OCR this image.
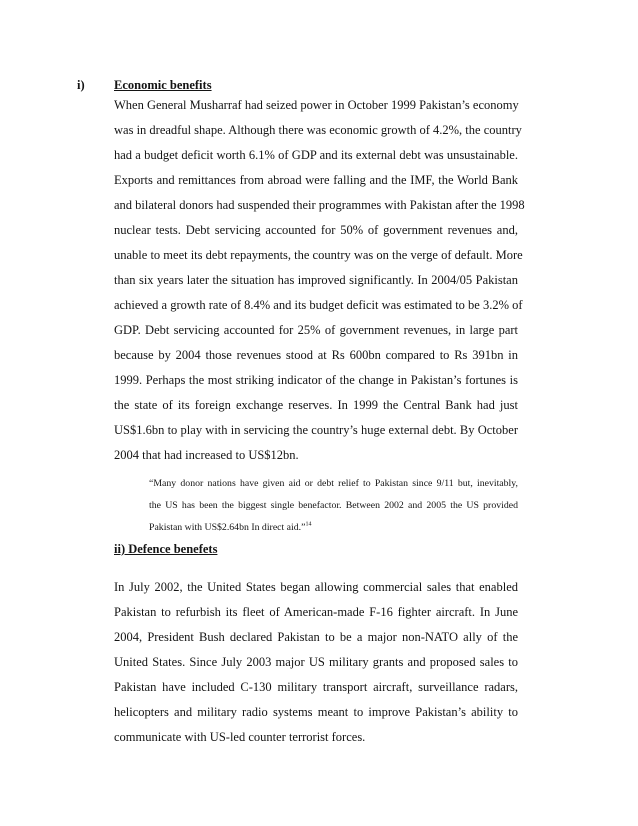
i) Economic benefits
When General Musharraf had seized power in October 1999 Pakistan’s economy
was in dreadful shape. Although there was economic growth of 4.2%, the country
had a budget deficit worth 6.1% of GDP and its external debt was unsustainable.
Exports and remittances from abroad were falling and the IMF, the World Bank
and bilateral donors had suspended their programmes with Pakistan after the 1998
nuclear tests. Debt servicing accounted for 50% of government revenues and,
unable to meet its debt repayments, the country was on the verge of default. More
than six years later the situation has improved significantly. In 2004/05 Pakistan
achieved a growth rate of 8.4% and its budget deficit was estimated to be 3.2% of
GDP. Debt servicing accounted for 25% of government revenues, in large part
because by 2004 those revenues stood at Rs 600bn compared to Rs 391bn in
1999. Perhaps the most striking indicator of the change in Pakistan’s fortunes is
the state of its foreign exchange reserves. In 1999 the Central Bank had just
US$1.6bn to play with in servicing the country’s huge external debt. By October
2004 that had increased to US$12bn.
“Many donor nations have given aid or debt relief to Pakistan since 9/11 but, inevitably,
the US has been the biggest single benefactor. Between 2002 and 2005 the US provided
Pakistan with US$2.64bn In direct aid.”$^{14}$
ii) Defence benefets
In July 2002, the United States began allowing commercial sales that enabled
Pakistan to refurbish its fleet of American-made F-16 fighter aircraft. In June
2004, President Bush declared Pakistan to be a major non-NATO ally of the
United States. Since July 2003 major US military grants and proposed sales to
Pakistan have included C-130 military transport aircraft, surveillance radars,
helicopters and military radio systems meant to improve Pakistan’s ability to
communicate with US-led counter terrorist forces.
